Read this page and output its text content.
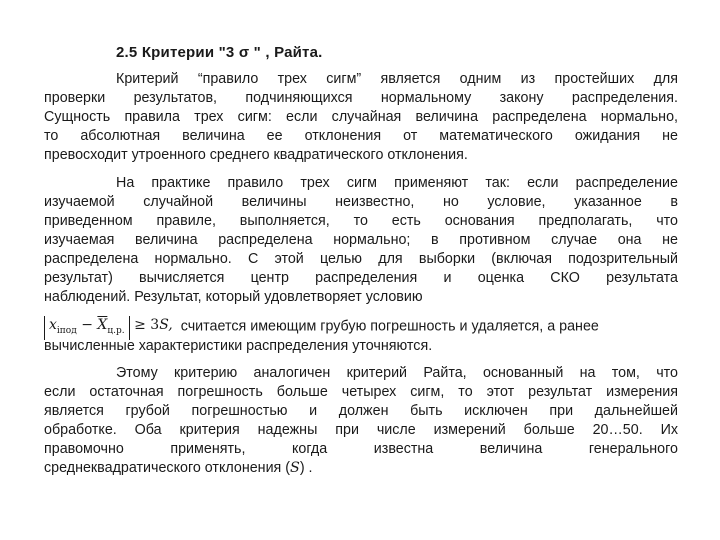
2.5 Критерии "3 σ " , Райта.
Критерий “правило трех сигм” является одним из простейших для
проверки результатов, подчиняющихся нормальному закону распределения.
Сущность правила трех сигм: если случайная величина распределена нормально,
то абсолютная величина ее отклонения от математического ожидания не
превосходит утроенного среднего квадратического отклонения.
На практике правило трех сигм применяют так: если распределение
изучаемой случайной величины неизвестно, но условие, указанное в
приведенном правиле, выполняется, то есть основания предполагать, что
изучаемая величина распределена нормально; в противном случае она не
распределена нормально. С этой целью для выборки (включая подозрительный
результат) вычисляется центр распределения и оценка СКО результата
наблюдений. Результат, который удовлетворяет условию
$x_{iпод} - \overline{X}_{ц.р.} \ge 3S$, считается имеющим грубую погрешность и удаляется, а ранее
вычисленные характеристики распределения уточняются.
Этому критерию аналогичен критерий Райта, основанный на том, что
если остаточная погрешность больше четырех сигм, то этот результат измерения
является грубой погрешностью и должен быть исключен при дальнейшей
обработке. Оба критерия надежны при числе измерений больше 20…50. Их
правомочно применять, когда известна величина генерального
среднеквадратического отклонения (S) .
